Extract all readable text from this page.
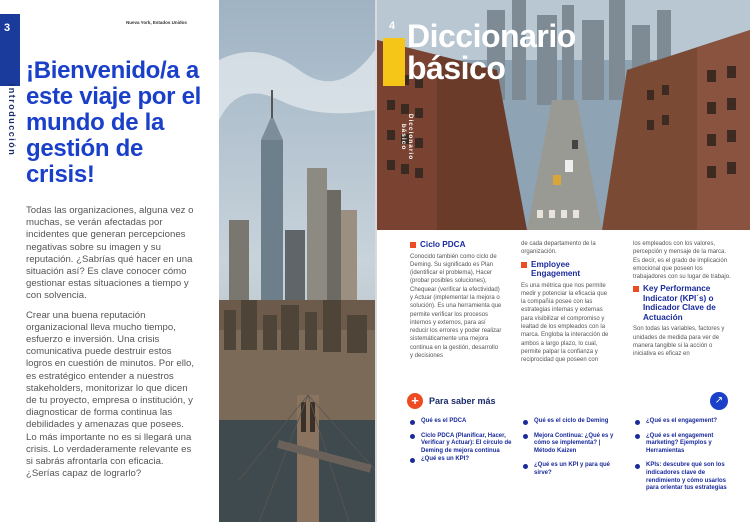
3	Nueva York, Estados Unidos
Introducción
¡Bienvenido/a a este viaje por el mundo de la gestión de crisis!

Todas las organizaciones, alguna vez o muchas, se verán afectadas por incidentes que generan percepciones negativas sobre su imagen y su reputación. ¿Sabrías qué hacer en una situación así? Es clave conocer cómo gestionar estas situaciones a tiempo y con solvencia.

Crear una buena reputación organizacional lleva mucho tiempo, esfuerzo e inversión. Una crisis comunicativa puede destruir estos logros en cuestión de minutos. Por ello, es estratégico entender a nuestros stakeholders, monitorizar lo que dicen de tu proyecto, empresa o institución, y diagnosticar de forma continua las debilidades y amenazas que posees. Lo más importante no es si llegará una crisis. Lo verdaderamente relevante es si sabrás afrontarla con eficacia. ¿Serías capaz de lograrlo?

4 Diccionario básico
Diccionario básico
Ciclo PDCA

Conocido también como ciclo de Deming. Su significado es Plan (identificar el problema), Hacer (probar posibles soluciones), Chequear (verificar la efectividad) y Actuar (implementar la mejora o solución). Es una herramienta que permite verificar los procesos internos y externos, para así reducir los errores y poder realizar sistemáticamente una mejora continua en la gestión, desarrollo y decisiones

de cada departamento de la organización.

Employee Engagement

Es una métrica que nos permite medir y potenciar la eficacia que la compañía posee con las estrategias internas y externas para visibilizar el compromiso y lealtad de los empleados con la marca. Engloba la interacción de ambos a largo plazo, lo cual, permite palpar la confianza y reciprocidad que poseen con

los empleados con los valores, percepción y mensaje de la marca. Es decir, es el grado de implicación emocional que poseen los trabajadores con su lugar de trabajo.

Key Performance Indicator (KPI´s) o Indicador Clave de Actuación

Son todas las variables, factores y unidades de medida para ver de manera tangible si la acción o iniciativa es eficaz en

+	Para saber más	↗
Qué es el PDCA
Ciclo PDCA (Planificar, Hacer, Verificar y Actuar): El círculo de Deming de mejora continua
¿Qué es un KPI?
Qué es el ciclo de Deming
Mejora Continua: ¿Qué es y cómo se implementa? | Método Kaizen
¿Qué es un KPI y para qué sirve?
¿Qué es el engagement?
¿Qué es el engagement marketing? Ejemplos y Herramientas
KPIs: descubre qué son los indicadores clave de rendimiento y cómo usarlos para orientar tus estrategias
